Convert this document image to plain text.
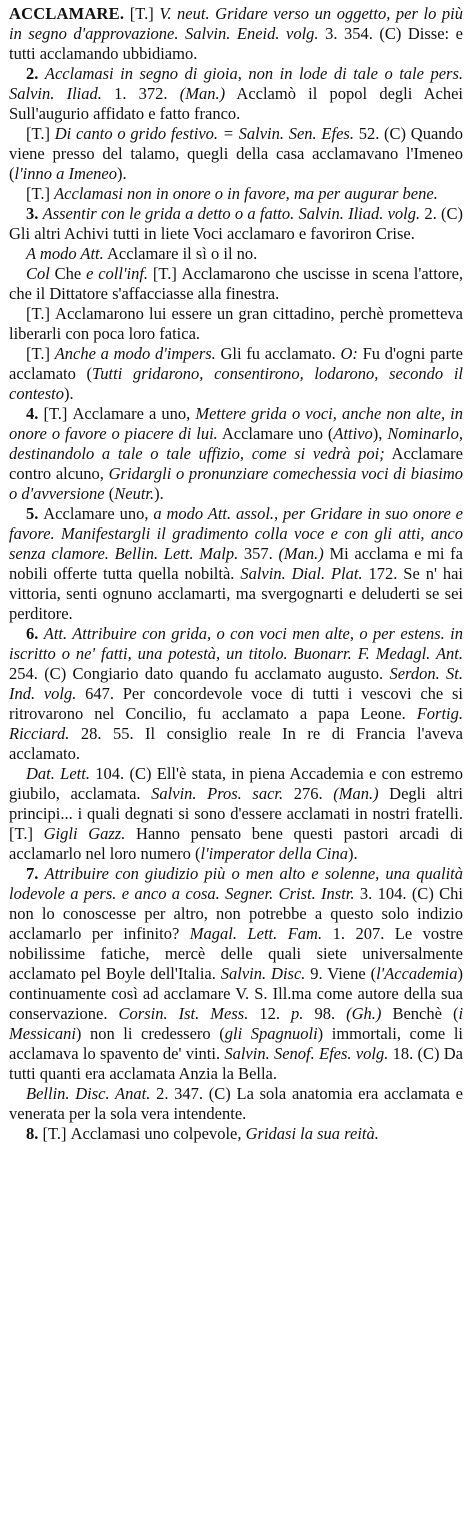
ACCLAMARE. [T.] V. neut. Gridare verso un oggetto, per lo più in segno d'approvazione. Salvin. Eneid. volg. 3. 354. (C) Disse: e tutti acclamando ubbidiamo.

2. Acclamasi in segno di gioia, non in lode di tale o tale pers. Salvin. Iliad. 1. 372. (Man.) Acclamò il popol degli Achei Sull'augurio affidato e fatto franco.

[T.] Di canto o grido festivo. = Salvin. Sen. Efes. 52. (C) Quando viene presso del talamo, quegli della casa acclamavano l'Imeneo (l'inno a Imeneo).

[T.] Acclamasi non in onore o in favore, ma per augurar bene.

3. Assentir con le grida a detto o a fatto. Salvin. Iliad. volg. 2. (C) Gli altri Achivi tutti in liete Voci acclamaro e favoriron Crise.

A modo Att. Acclamare il sì o il no.

Col Che e coll'inf. [T.] Acclamarono che uscisse in scena l'attore, che il Dittatore s'affacciasse alla finestra.

[T.] Acclamarono lui essere un gran cittadino, perchè prometteva liberarli con poca loro fatica.

[T.] Anche a modo d'impers. Gli fu acclamato. O: Fu d'ogni parte acclamato (Tutti gridarono, consentirono, lodarono, secondo il contesto).

4. [T.] Acclamare a uno, Mettere grida o voci, anche non alte, in onore o favore o piacere di lui. Acclamare uno (Attivo), Nominarlo, destinandolo a tale o tale uffizio, come si vedrà poi; Acclamare contro alcuno, Gridargli o pronunziare comechessia voci di biasimo o d'avversione (Neutr.).

5. Acclamare uno, a modo Att. assol., per Gridare in suo onore e favore. Manifestargli il gradimento colla voce e con gli atti, anco senza clamore. Bellin. Lett. Malp. 357. (Man.) Mi acclama e mi fa nobili offerte tutta quella nobiltà. Salvin. Dial. Plat. 172. Se n' hai vittoria, senti ognuno acclamarti, ma svergognarti e deluderti se sei perditore.

6. Att. Attribuire con grida, o con voci men alte, o per estens. in iscritto o ne' fatti, una potestà, un titolo. Buonarr. F. Medagl. Ant. 254. (C) Congiario dato quando fu acclamato augusto. Serdon. St. Ind. volg. 647. Per concordevole voce di tutti i vescovi che si ritrovarono nel Concilio, fu acclamato a papa Leone. Fortig. Ricciard. 28. 55. Il consiglio reale In re di Francia l'aveva acclamato.

Dat. Lett. 104. (C) Ell'è stata, in piena Accademia e con estremo giubilo, acclamata. Salvin. Pros. sacr. 276. (Man.) Degli altri principi... i quali degnati si sono d'essere acclamati in nostri fratelli. [T.] Gigli Gazz. Hanno pensato bene questi pastori arcadi di acclamarlo nel loro numero (l'imperator della Cina).

7. Attribuire con giudizio più o men alto e solenne, una qualità lodevole a pers. e anco a cosa. Segner. Crist. Instr. 3. 104. (C) Chi non lo conoscesse per altro, non potrebbe a questo solo indizio acclamarlo per infinito? Magal. Lett. Fam. 1. 207. Le vostre nobilissime fatiche, mercè delle quali siete universalmente acclamato pel Boyle dell'Italia. Salvin. Disc. 9. Viene (l'Accademia) continuamente così ad acclamare V. S. Ill.ma come autore della sua conservazione. Corsin. Ist. Mess. 12. p. 98. (Gh.) Benchè (i Messicani) non li credessero (gli Spagnuoli) immortali, come li acclamava lo spavento de' vinti. Salvin. Senof. Efes. volg. 18. (C) Da tutti quanti era acclamata Anzia la Bella.

Bellin. Disc. Anat. 2. 347. (C) La sola anatomia era acclamata e venerata per la sola vera intendente.

8. [T.] Acclamasi uno colpevole, Gridasi la sua reità.
